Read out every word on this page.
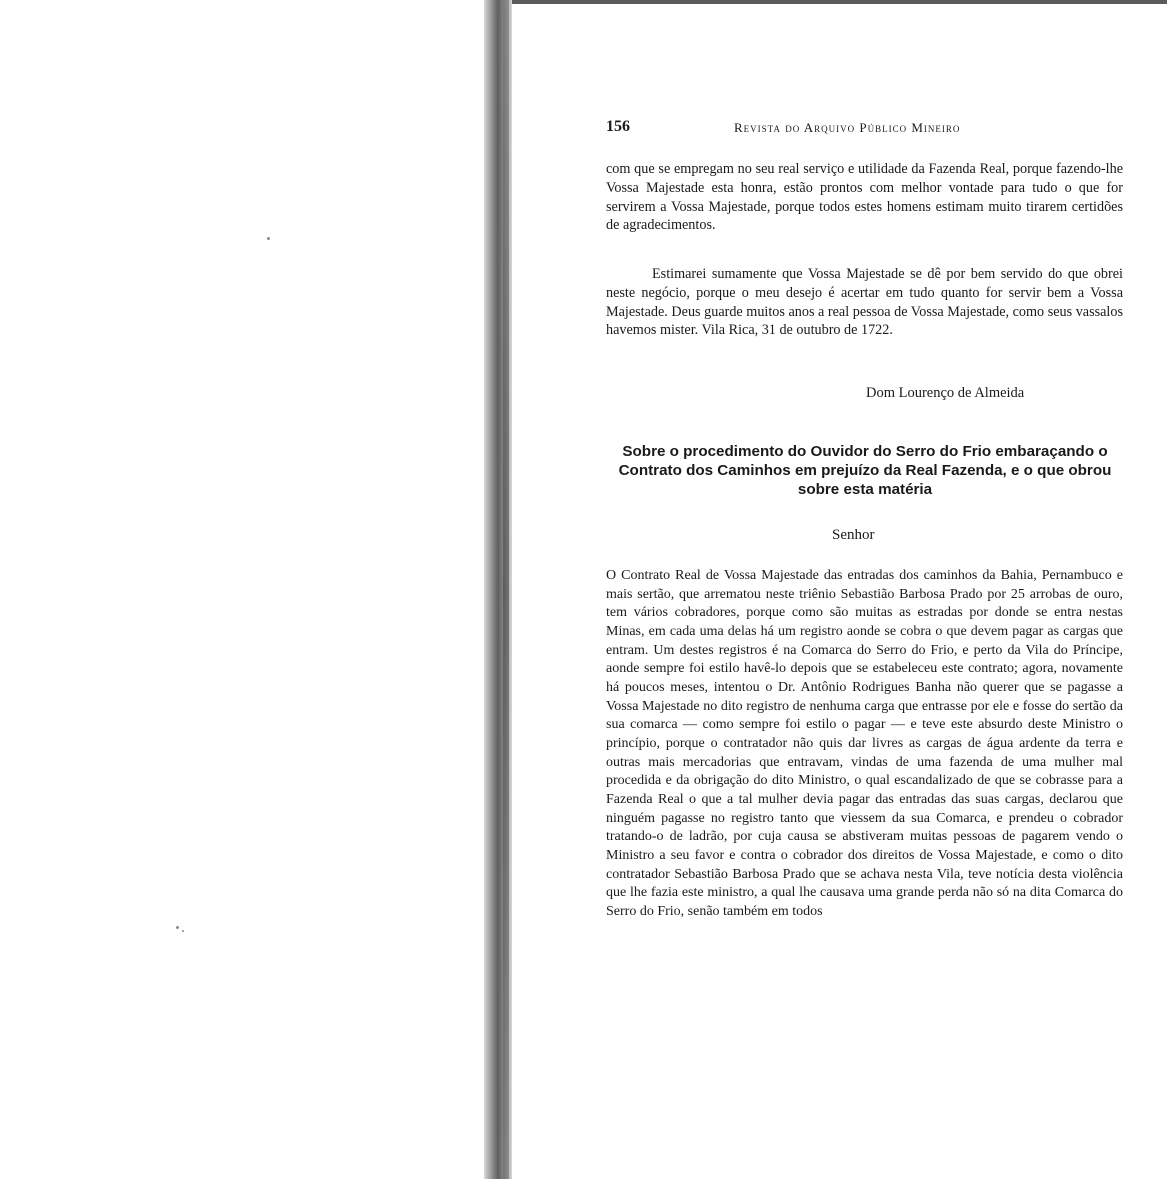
156	Revista do Arquivo Público Mineiro

com que se empregam no seu real serviço e utilidade da Fazenda Real, porque fazendo-lhe Vossa Majestade esta honra, estão prontos com melhor vontade para tudo o que for servirem a Vossa Majestade, porque todos estes homens estimam muito tirarem certidões de agradecimentos.

Estimarei sumamente que Vossa Majestade se dê por bem servido do que obrei neste negócio, porque o meu desejo é acertar em tudo quanto for servir bem a Vossa Majestade. Deus guarde muitos anos a real pessoa de Vossa Majestade, como seus vassalos havemos mister. Vila Rica, 31 de outubro de 1722.

Dom Lourenço de Almeida
Sobre o procedimento do Ouvidor do Serro do Frio embaraçando o Contrato dos Caminhos em prejuízo da Real Fazenda, e o que obrou sobre esta matéria
Senhor

O Contrato Real de Vossa Majestade das entradas dos caminhos da Bahia, Pernambuco e mais sertão, que arrematou neste triênio Sebastião Barbosa Prado por 25 arrobas de ouro, tem vários cobradores, porque como são muitas as estradas por donde se entra nestas Minas, em cada uma delas há um registro aonde se cobra o que devem pagar as cargas que entram. Um destes registros é na Comarca do Serro do Frio, e perto da Vila do Príncipe, aonde sempre foi estilo havê-lo depois que se estabeleceu este contrato; agora, novamente há poucos meses, intentou o Dr. Antônio Rodrigues Banha não querer que se pagasse a Vossa Majestade no dito registro de nenhuma carga que entrasse por ele e fosse do sertão da sua comarca — como sempre foi estilo o pagar — e teve este absurdo deste Ministro o princípio, porque o contratador não quis dar livres as cargas de água ardente da terra e outras mais mercadorias que entravam, vindas de uma fazenda de uma mulher mal procedida e da obrigação do dito Ministro, o qual escandalizado de que se cobrasse para a Fazenda Real o que a tal mulher devia pagar das entradas das suas cargas, declarou que ninguém pagasse no registro tanto que viessem da sua Comarca, e prendeu o cobrador tratando-o de ladrão, por cuja causa se abstiveram muitas pessoas de pagarem vendo o Ministro a seu favor e contra o cobrador dos direitos de Vossa Majestade, e como o dito contratador Sebastião Barbosa Prado que se achava nesta Vila, teve notícia desta violência que lhe fazia este ministro, a qual lhe causava uma grande perda não só na dita Comarca do Serro do Frio, senão também em todos
